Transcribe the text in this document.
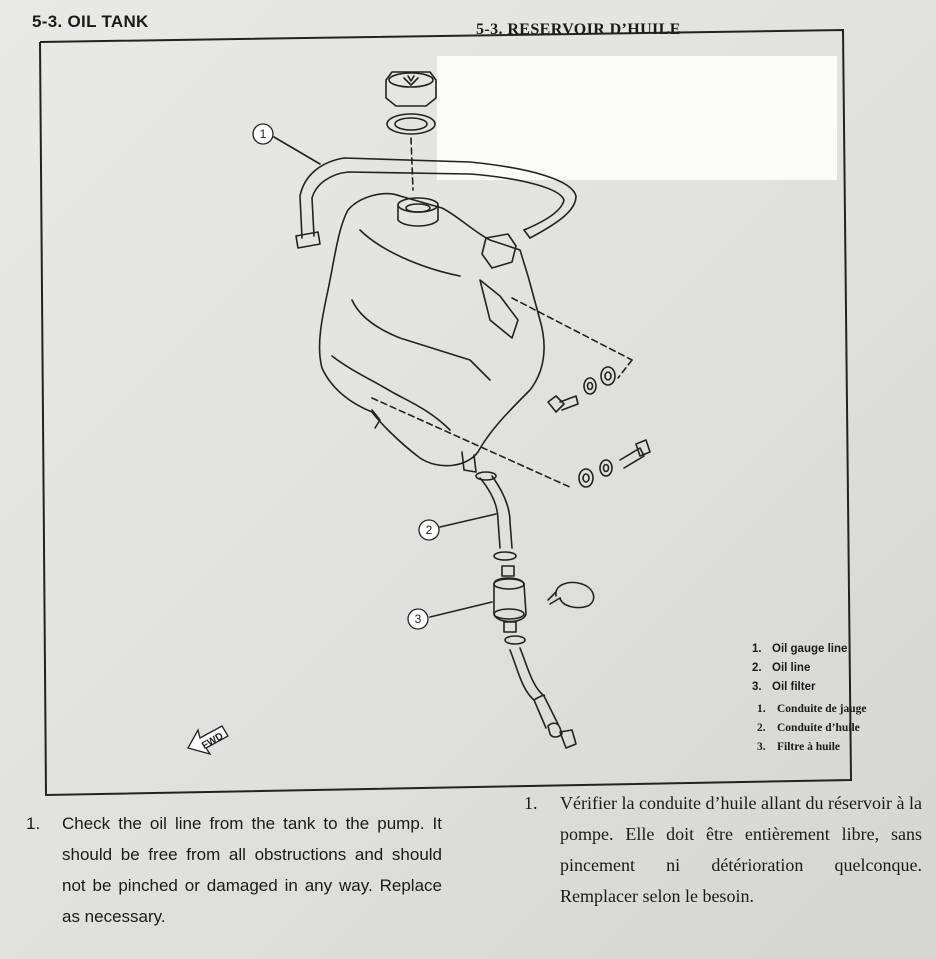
5-3. OIL TANK	5-3. RESERVOIR D’HUILE
1
2
3
FWD
1. Oil gauge line
2. Oil line
3. Oil filter
1. Conduite de jauge
2. Conduite d’huile
3. Filtre à huile
1.	Check the oil line from the tank to the pump. It should be free from all obstructions and should not be pinched or damaged in any way. Replace as necessary.
1.	Vérifier la conduite d’huile allant du réservoir à la pompe. Elle doit être entièrement libre, sans pincement ni détérioration quelconque. Remplacer selon le besoin.
